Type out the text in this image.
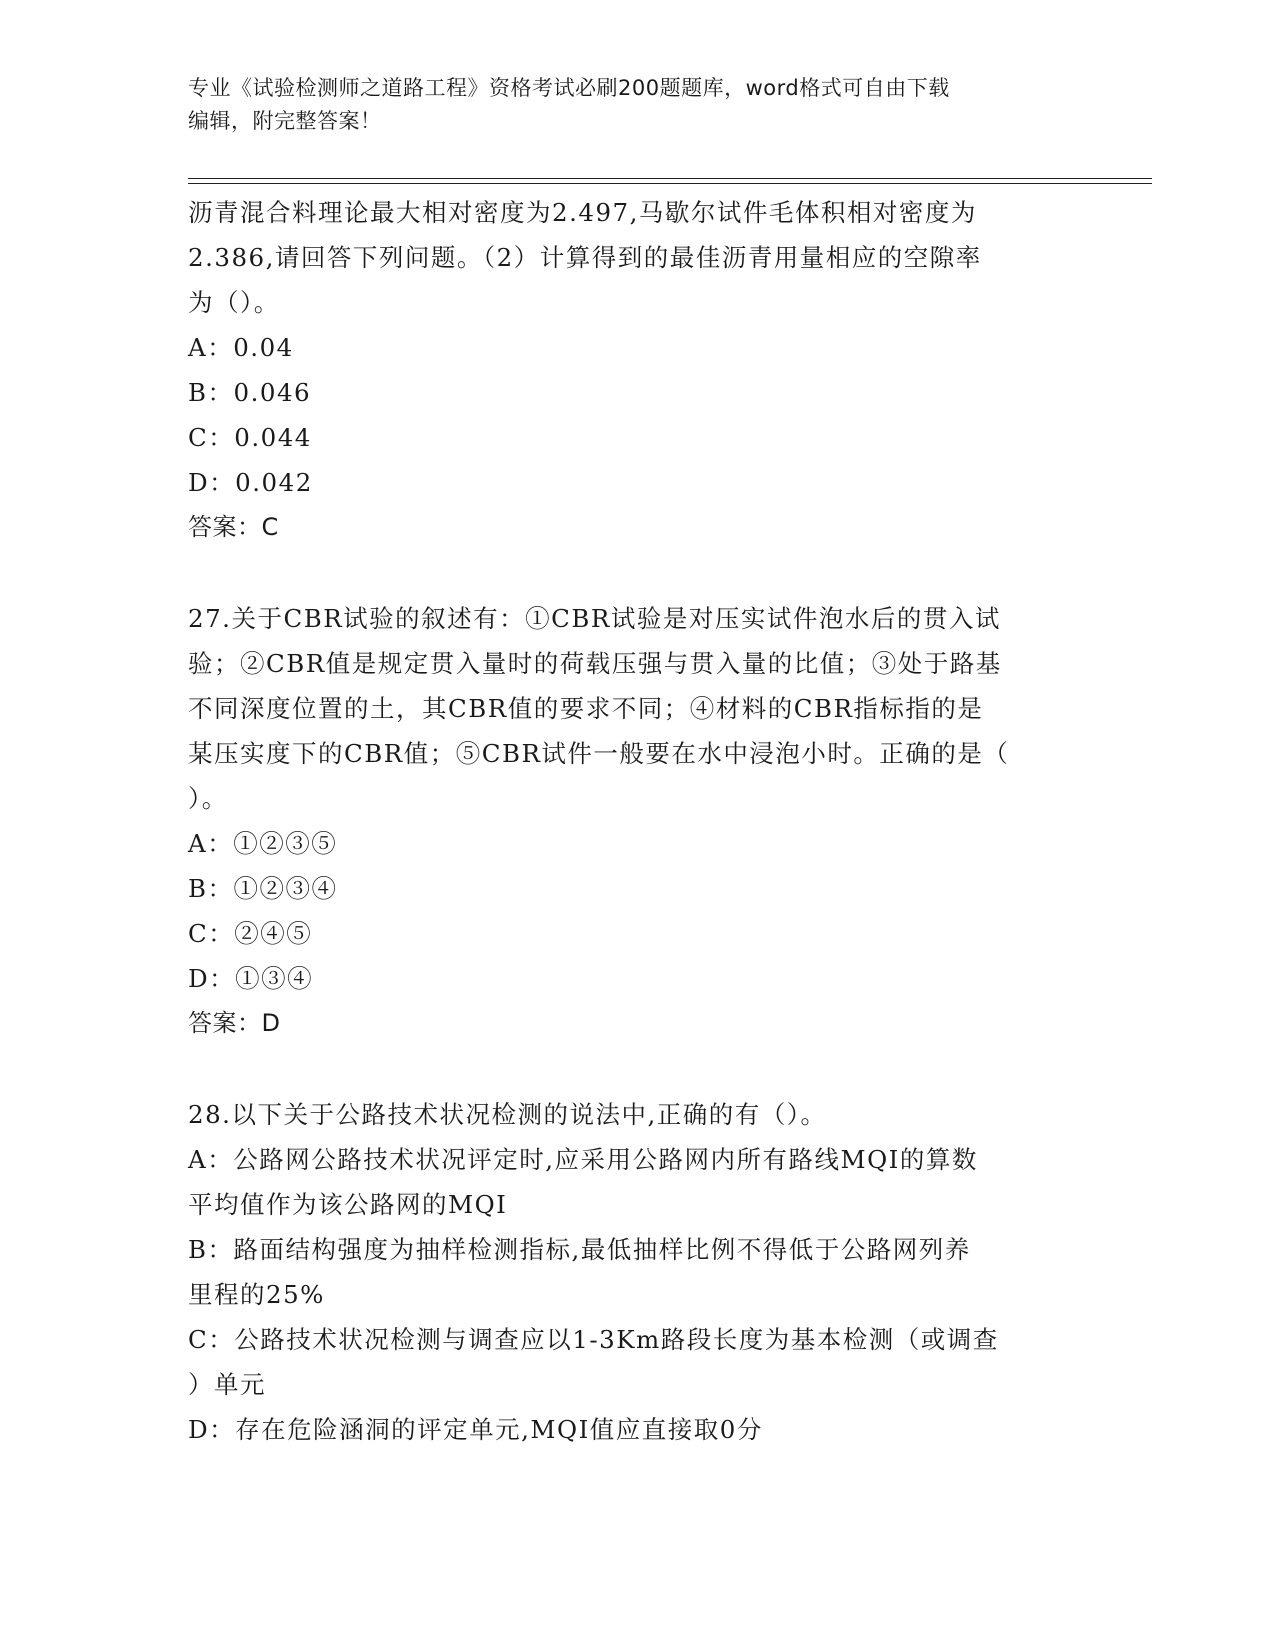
专业《试验检测师之道路工程》资格考试必刷200题题库，word格式可自由下载
编辑，附完整答案！
沥青混合料理论最大相对密度为2.497,马歇尔试件毛体积相对密度为
2.386,请回答下列问题。（2）计算得到的最佳沥青用量相应的空隙率
为（）。
A：0.04
B：0.046
C：0.044
D：0.042
答案：C
27.关于CBR试验的叙述有：①CBR试验是对压实试件泡水后的贯入试
验；②CBR值是规定贯入量时的荷载压强与贯入量的比值；③处于路基
不同深度位置的土，其CBR值的要求不同；④材料的CBR指标指的是
某压实度下的CBR值；⑤CBR试件一般要在水中浸泡小时。正确的是（
）。
A：①②③⑤
B：①②③④
C：②④⑤
D：①③④
答案：D
28.以下关于公路技术状况检测的说法中,正确的有（）。
A：公路网公路技术状况评定时,应采用公路网内所有路线MQI的算数
平均值作为该公路网的MQI
B：路面结构强度为抽样检测指标,最低抽样比例不得低于公路网列养
里程的25%
C：公路技术状况检测与调查应以1-3Km路段长度为基本检测（或调查
）单元
D：存在危险涵洞的评定单元,MQI值应直接取0分
